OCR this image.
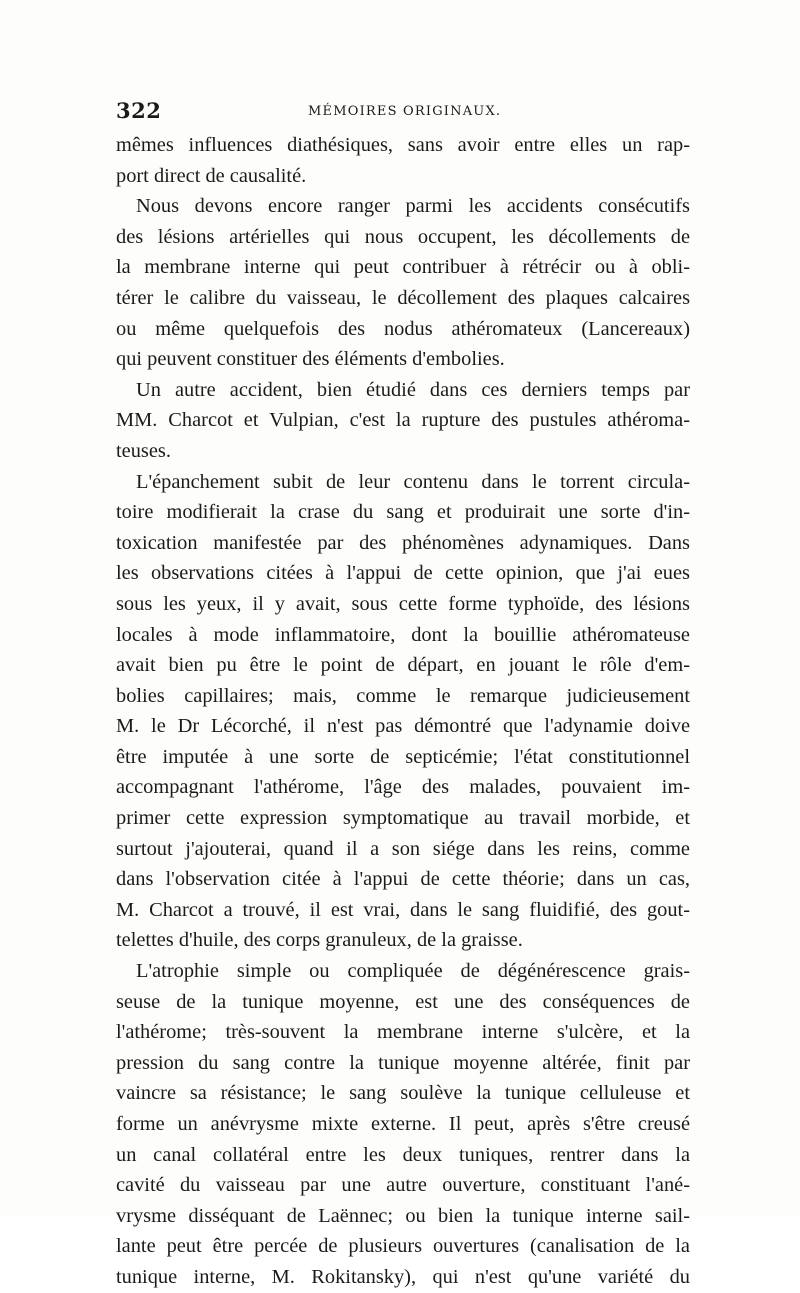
322	MÉMOIRES ORIGINAUX.
mêmes influences diathésiques, sans avoir entre elles un rap-
port direct de causalité.
Nous devons encore ranger parmi les accidents consécutifs
des lésions artérielles qui nous occupent, les décollements de
la membrane interne qui peut contribuer à rétrécir ou à obli-
térer le calibre du vaisseau, le décollement des plaques calcaires
ou même quelquefois des nodus athéromateux (Lancereaux)
qui peuvent constituer des éléments d'embolies.
Un autre accident, bien étudié dans ces derniers temps par
MM. Charcot et Vulpian, c'est la rupture des pustules athéroma-
teuses.
L'épanchement subit de leur contenu dans le torrent circula-
toire modifierait la crase du sang et produirait une sorte d'in-
toxication manifestée par des phénomènes adynamiques. Dans
les observations citées à l'appui de cette opinion, que j'ai eues
sous les yeux, il y avait, sous cette forme typhoïde, des lésions
locales à mode inflammatoire, dont la bouillie athéromateuse
avait bien pu être le point de départ, en jouant le rôle d'em-
bolies capillaires; mais, comme le remarque judicieusement
M. le Dr Lécorché, il n'est pas démontré que l'adynamie doive
être imputée à une sorte de septicémie; l'état constitutionnel
accompagnant l'athérome, l'âge des malades, pouvaient im-
primer cette expression symptomatique au travail morbide, et
surtout j'ajouterai, quand il a son siége dans les reins, comme
dans l'observation citée à l'appui de cette théorie; dans un cas,
M. Charcot a trouvé, il est vrai, dans le sang fluidifié, des gout-
telettes d'huile, des corps granuleux, de la graisse.
L'atrophie simple ou compliquée de dégénérescence grais-
seuse de la tunique moyenne, est une des conséquences de
l'athérome; très-souvent la membrane interne s'ulcère, et la
pression du sang contre la tunique moyenne altérée, finit par
vaincre sa résistance; le sang soulève la tunique celluleuse et
forme un anévrysme mixte externe. Il peut, après s'être creusé
un canal collatéral entre les deux tuniques, rentrer dans la
cavité du vaisseau par une autre ouverture, constituant l'ané-
vrysme disséquant de Laënnec; ou bien la tunique interne sail-
lante peut être percée de plusieurs ouvertures (canalisation de la
tunique interne, M. Rokitansky), qui n'est qu'une variété du
